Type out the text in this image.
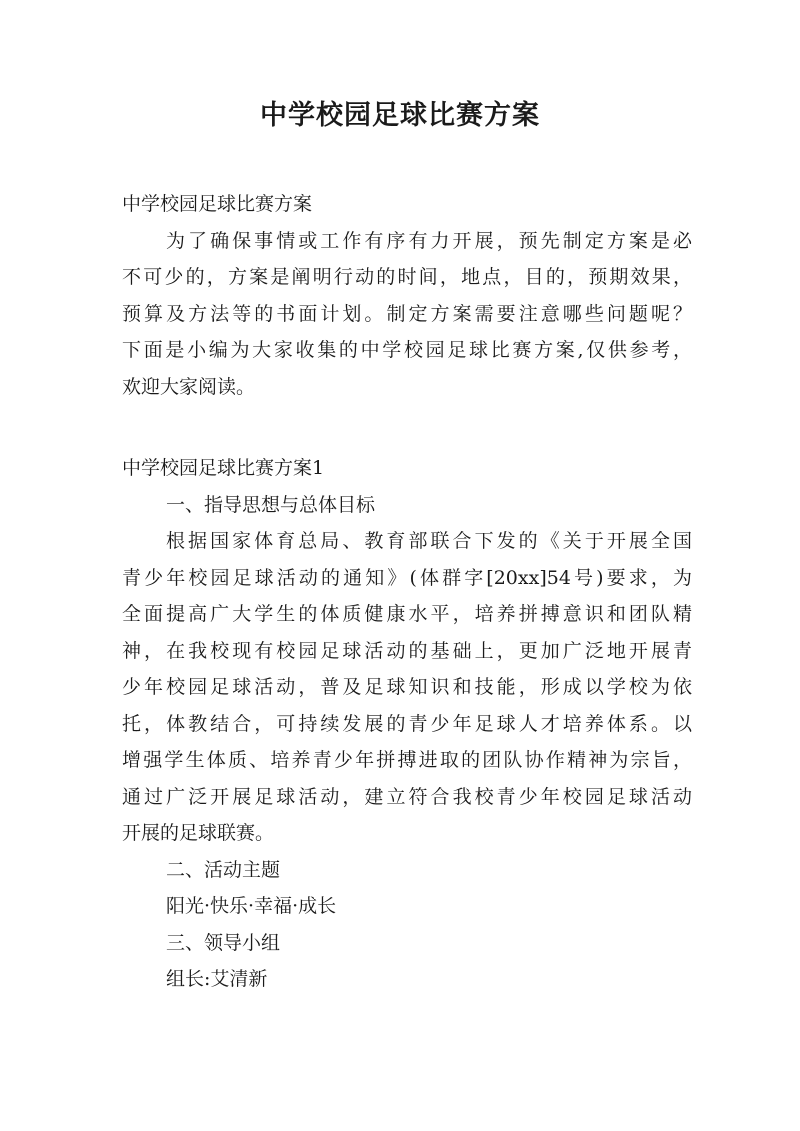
中学校园足球比赛方案
中学校园足球比赛方案
为了确保事情或工作有序有力开展，预先制定方案是必
不可少的，方案是阐明行动的时间，地点，目的，预期效果，
预算及方法等的书面计划。制定方案需要注意哪些问题呢？
下面是小编为大家收集的中学校园足球比赛方案,仅供参考，
欢迎大家阅读。
中学校园足球比赛方案1
一、指导思想与总体目标
根据国家体育总局、教育部联合下发的《关于开展全国
青少年校园足球活动的通知》(体群字[20xx]54号)要求，为
全面提高广大学生的体质健康水平，培养拼搏意识和团队精
神，在我校现有校园足球活动的基础上，更加广泛地开展青
少年校园足球活动，普及足球知识和技能，形成以学校为依
托，体教结合，可持续发展的青少年足球人才培养体系。以
增强学生体质、培养青少年拼搏进取的团队协作精神为宗旨，
通过广泛开展足球活动，建立符合我校青少年校园足球活动
开展的足球联赛。
二、活动主题
阳光·快乐·幸福·成长
三、领导小组
组长:艾清新
